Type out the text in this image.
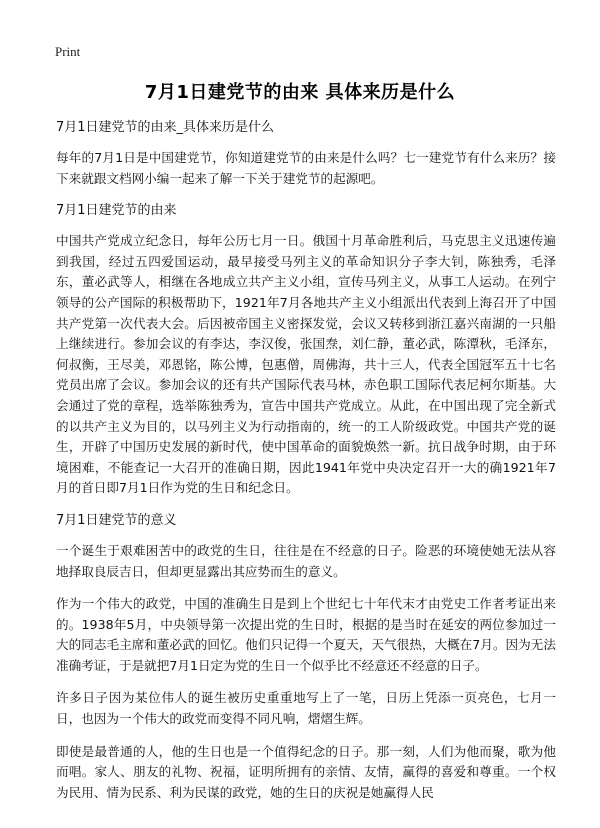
Print
7月1日建党节的由来 具体来历是什么

7月1日建党节的由来_具体来历是什么

每年的7月1日是中国建党节，你知道建党节的由来是什么吗？七一建党节有什么来历？接下来就跟文档网小编一起来了解一下关于建党节的起源吧。

7月1日建党节的由来

中国共产党成立纪念日，每年公历七月一日。俄国十月革命胜利后，马克思主义迅速传遍到我国，经过五四爱国运动，最早接受马列主义的革命知识分子李大钊，陈独秀，毛泽东，董必武等人，相继在各地成立共产主义小组，宣传马列主义，从事工人运动。在列宁领导的公产国际的积极帮助下，1921年7月各地共产主义小组派出代表到上海召开了中国共产党第一次代表大会。后因被帝国主义密探发觉，会议又转移到浙江嘉兴南湖的一只船上继续进行。参加会议的有李达，李汉俊，张国焘，刘仁静，董必武，陈潭秋，毛泽东，何叔衡，王尽美，邓恩铭，陈公博，包惠僧，周佛海，共十三人，代表全国冠军五十七名党员出席了会议。参加会议的还有共产国际代表马林，赤色职工国际代表尼柯尔斯基。大会通过了党的章程，选举陈独秀为，宣告中国共产党成立。从此，在中国出现了完全新式的以共产主义为目的，以马列主义为行动指南的，统一的工人阶级政党。中国共产党的诞生，开辟了中国历史发展的新时代，使中国革命的面貌焕然一新。抗日战争时期，由于环境困难，不能查记一大召开的准确日期，因此1941年党中央决定召开一大的确1921年7月的首日即7月1日作为党的生日和纪念日。

7月1日建党节的意义

一个诞生于艰难困苦中的政党的生日，往往是在不经意的日子。险恶的环境使她无法从容地择取良辰吉日，但却更显露出其应势而生的意义。

作为一个伟大的政党，中国的准确生日是到上个世纪七十年代末才由党史工作者考证出来的。1938年5月，中央领导第一次提出党的生日时，根据的是当时在延安的两位参加过一大的同志毛主席和董必武的回忆。他们只记得一个夏天，天气很热，大概在7月。因为无法准确考证，于是就把7月1日定为党的生日一个似乎比不经意还不经意的日子。

许多日子因为某位伟人的诞生被历史重重地写上了一笔，日历上凭添一页亮色，七月一日，也因为一个伟大的政党而变得不同凡响，熠熠生辉。

即使是最普通的人，他的生日也是一个值得纪念的日子。那一刻，人们为他而聚，歌为他而唱。家人、朋友的礼物、祝福，证明所拥有的亲情、友情，赢得的喜爱和尊重。一个权为民用、情为民系、利为民谋的政党，她的生日的庆祝是她赢得人民
